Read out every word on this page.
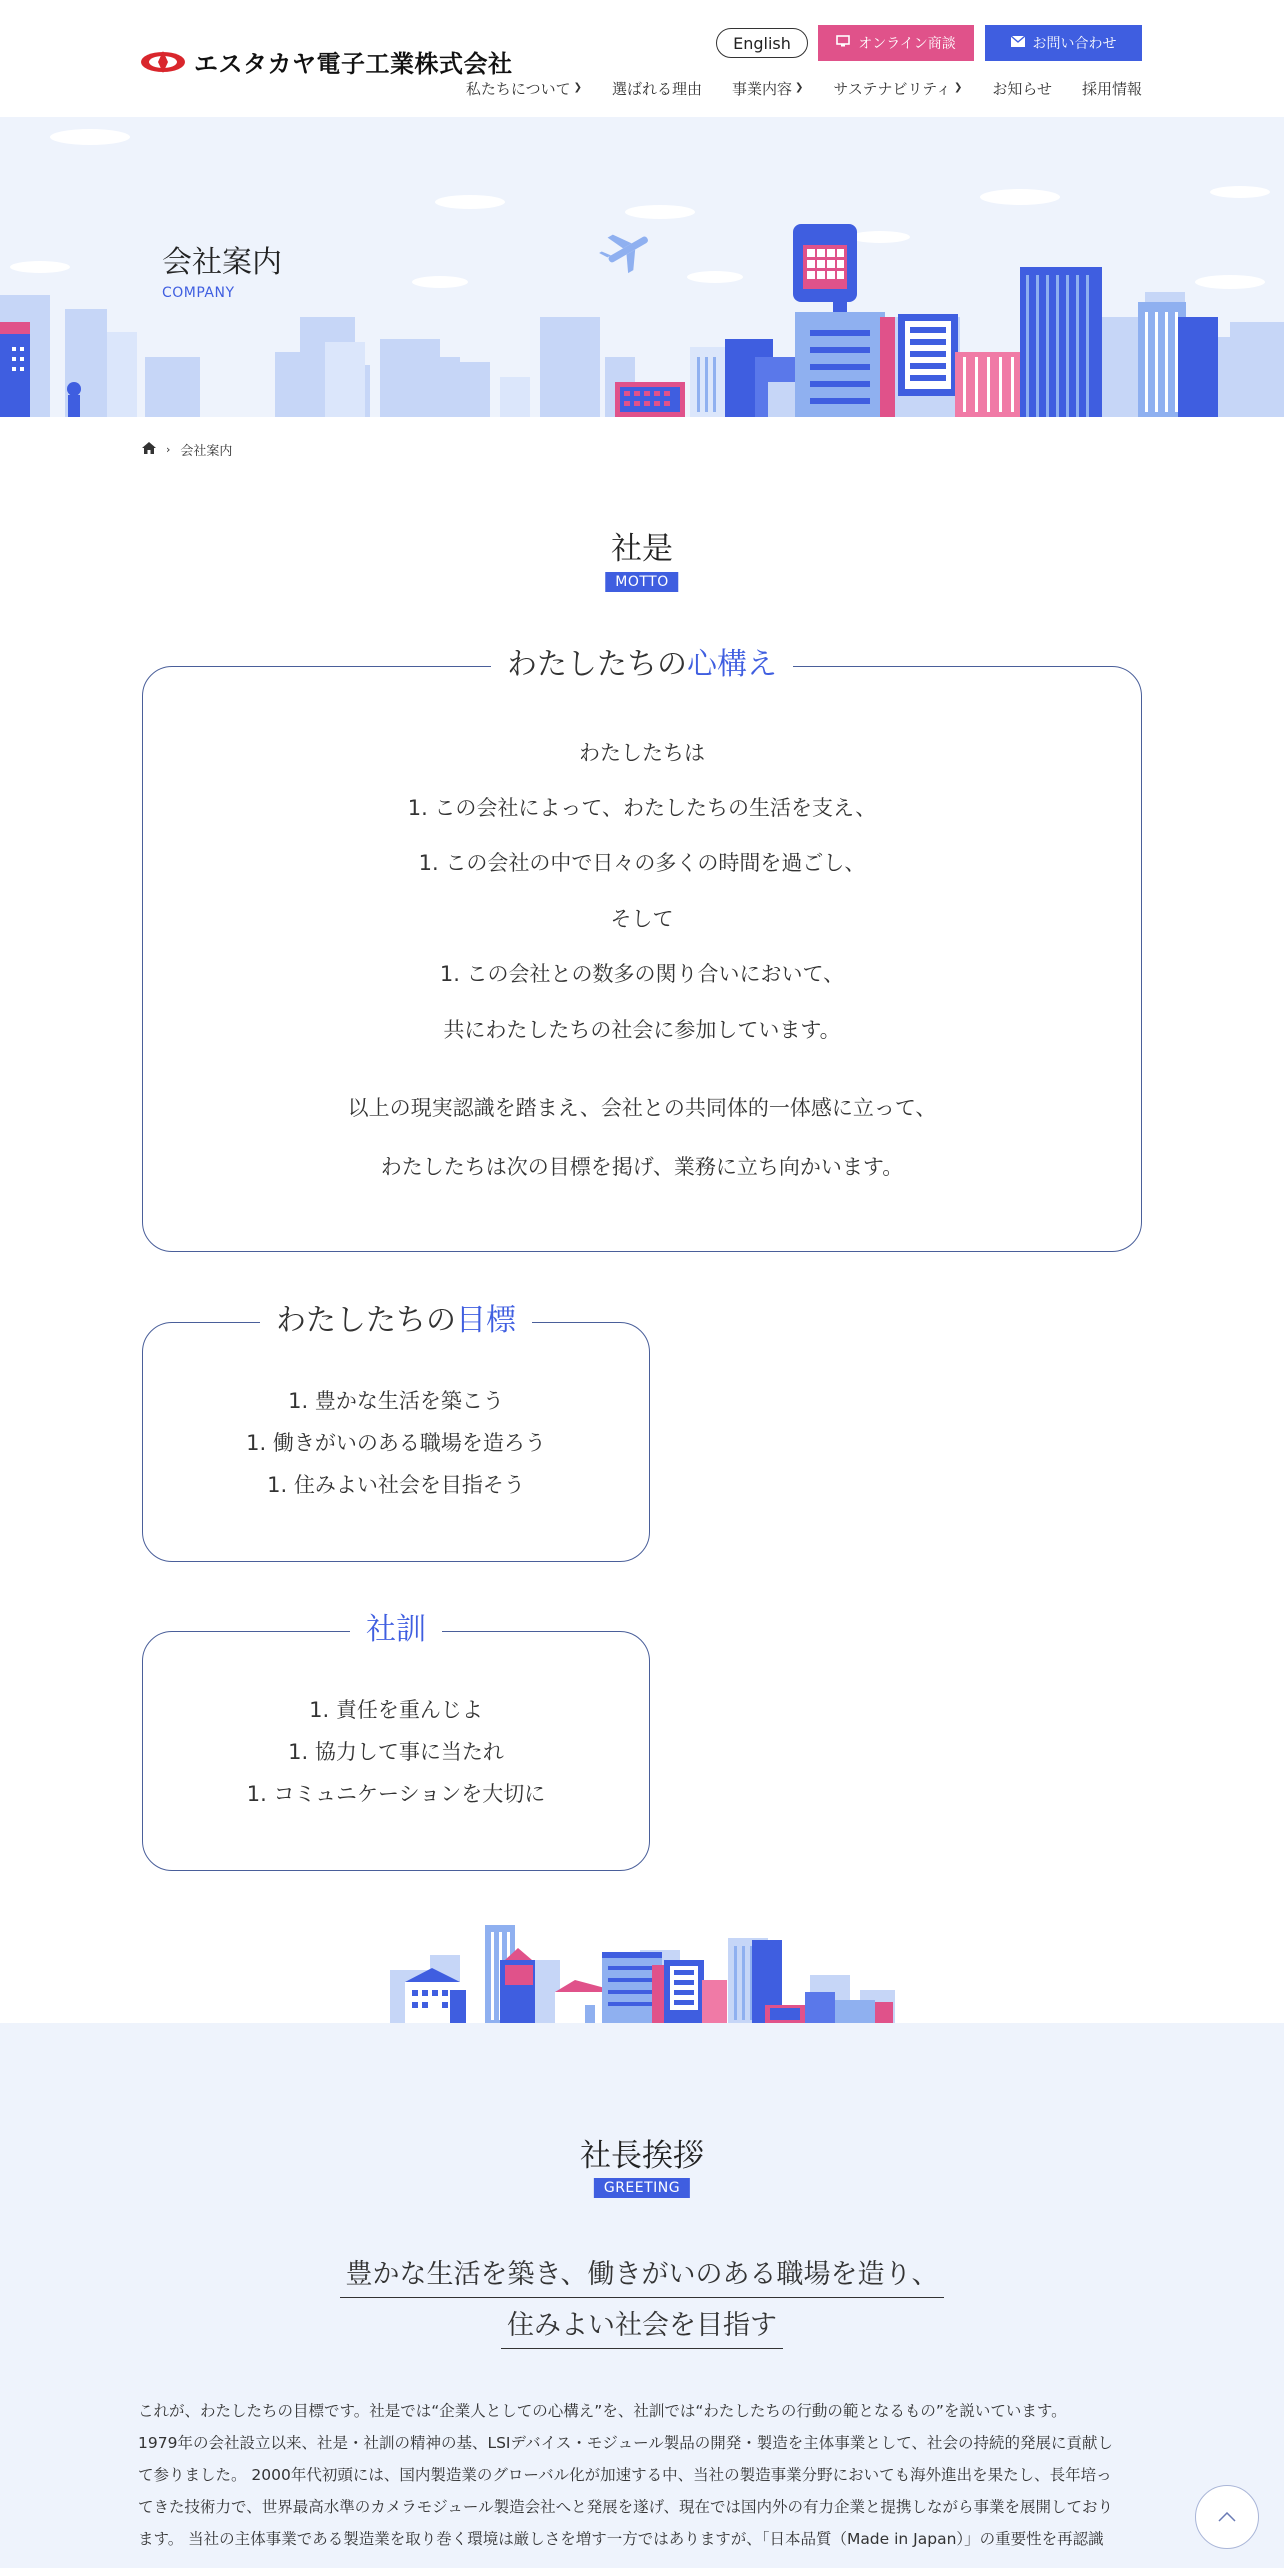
エスタカヤ電子工業株式会社
English	オンライン商談	お問い合わせ
私たちについて ❯ 選ばれる理由 事業内容 ❯ サステナビリティ ❯ お知らせ 採用情報
会社案内
COMPANY
› 会社案内
社是
MOTTO
わたしたちの心構え
わたしたちは
1. この会社によって、わたしたちの生活を支え、
1. この会社の中で日々の多くの時間を過ごし、
そして
1. この会社との数多の関り合いにおいて、
共にわたしたちの社会に参加しています。
以上の現実認識を踏まえ、会社との共同体的一体感に立って、
わたしたちは次の目標を掲げ、業務に立ち向かいます。
わたしたちの目標
1. 豊かな生活を築こう
1. 働きがいのある職場を造ろう
1. 住みよい社会を目指そう
社訓
1. 責任を重んじよ
1. 協力して事に当たれ
1. コミュニケーションを大切に
社長挨拶
GREETING
豊かな生活を築き、働きがいのある職場を造り、
住みよい社会を目指す

これが、わたしたちの目標です。社是では“企業人としての心構え”を、社訓では“わたしたちの行動の範となるもの”を説いています。

1979年の会社設立以来、社是・社訓の精神の基、LSIデバイス・モジュール製品の開発・製造を主体事業として、社会の持続的発展に貢献し

て参りました。 2000年代初頭には、国内製造業のグローバル化が加速する中、当社の製造事業分野においても海外進出を果たし、長年培っ

てきた技術力で、世界最高水準のカメラモジュール製造会社へと発展を遂げ、現在では国内外の有力企業と提携しながら事業を展開しており

ます。 当社の主体事業である製造業を取り巻く環境は厳しさを増す一方ではありますが、「日本品質（Made in Japan）」の重要性を再認識
